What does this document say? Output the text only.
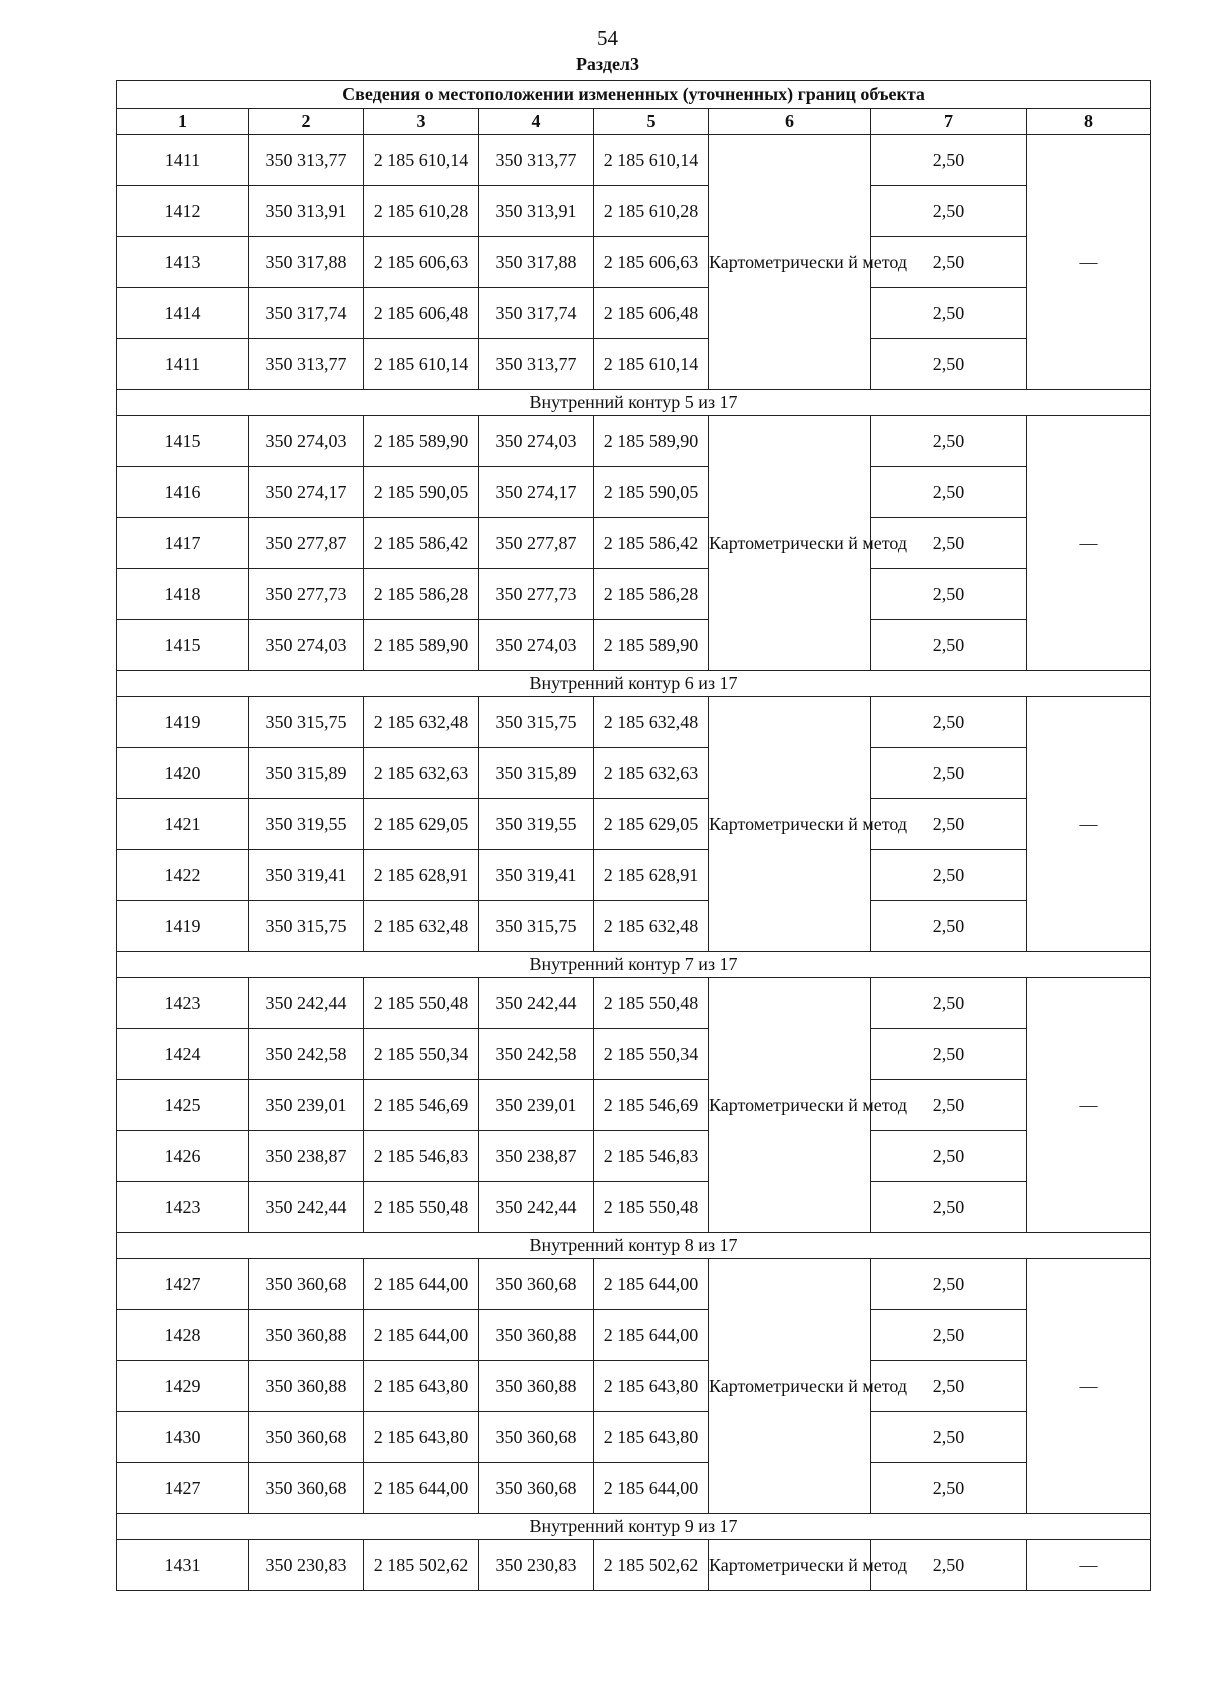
54
Раздел3
Сведения о местоположении измененных (уточненных) границ объекта							
1	2	3	4	5	6	7	8
1411	350 313,77	2 185 610,14	350 313,77	2 185 610,14	Картометрически й метод	2,50	—
1412	350 313,91	2 185 610,28	350 313,91	2 185 610,28		2,50	
1413	350 317,88	2 185 606,63	350 317,88	2 185 606,63		2,50	
1414	350 317,74	2 185 606,48	350 317,74	2 185 606,48		2,50	
1411	350 313,77	2 185 610,14	350 313,77	2 185 610,14		2,50	
Внутренний контур 5 из 17							
1415	350 274,03	2 185 589,90	350 274,03	2 185 589,90	Картометрически й метод	2,50	—
1416	350 274,17	2 185 590,05	350 274,17	2 185 590,05		2,50	
1417	350 277,87	2 185 586,42	350 277,87	2 185 586,42		2,50	
1418	350 277,73	2 185 586,28	350 277,73	2 185 586,28		2,50	
1415	350 274,03	2 185 589,90	350 274,03	2 185 589,90		2,50	
Внутренний контур 6 из 17							
1419	350 315,75	2 185 632,48	350 315,75	2 185 632,48	Картометрически й метод	2,50	—
1420	350 315,89	2 185 632,63	350 315,89	2 185 632,63		2,50	
1421	350 319,55	2 185 629,05	350 319,55	2 185 629,05		2,50	
1422	350 319,41	2 185 628,91	350 319,41	2 185 628,91		2,50	
1419	350 315,75	2 185 632,48	350 315,75	2 185 632,48		2,50	
Внутренний контур 7 из 17							
1423	350 242,44	2 185 550,48	350 242,44	2 185 550,48	Картометрически й метод	2,50	—
1424	350 242,58	2 185 550,34	350 242,58	2 185 550,34		2,50	
1425	350 239,01	2 185 546,69	350 239,01	2 185 546,69		2,50	
1426	350 238,87	2 185 546,83	350 238,87	2 185 546,83		2,50	
1423	350 242,44	2 185 550,48	350 242,44	2 185 550,48		2,50	
Внутренний контур 8 из 17							
1427	350 360,68	2 185 644,00	350 360,68	2 185 644,00	Картометрически й метод	2,50	—
1428	350 360,88	2 185 644,00	350 360,88	2 185 644,00		2,50	
1429	350 360,88	2 185 643,80	350 360,88	2 185 643,80		2,50	
1430	350 360,68	2 185 643,80	350 360,68	2 185 643,80		2,50	
1427	350 360,68	2 185 644,00	350 360,68	2 185 644,00		2,50	
Внутренний контур 9 из 17							
1431	350 230,83	2 185 502,62	350 230,83	2 185 502,62	Картометрически й метод	2,50	—
